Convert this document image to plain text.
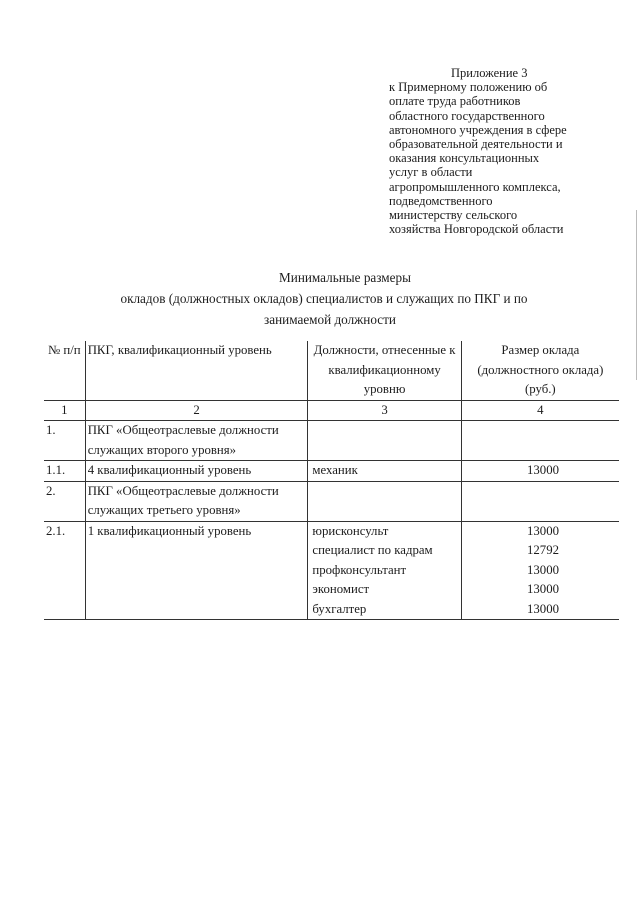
Приложение 3
к Примерному положению об
оплате труда работников
областного государственного
автономного учреждения в сфере
образовательной деятельности и
оказания консультационных
услуг в области
агропромышленного комплекса,
подведомственного
министерству сельского
хозяйства Новгородской области
Минимальные размеры
окладов (должностных окладов) специалистов и служащих по ПКГ и по
занимаемой должности
№ п/п	ПКГ, квалификационный уровень	Должности, отнесенные к квалификационному уровню	Размер оклада (должностного оклада) (руб.)
1	2	3	4
1.	ПКГ «Общеотраслевые должности служащих второго уровня»		
1.1.	4 квалификационный уровень	механик	13000
2.	ПКГ «Общеотраслевые должности служащих третьего уровня»		
2.1.	1 квалификационный уровень	юрисконсульт	13000
		специалист по кадрам	12792
		профконсультант	13000
		экономист	13000
		бухгалтер	13000
